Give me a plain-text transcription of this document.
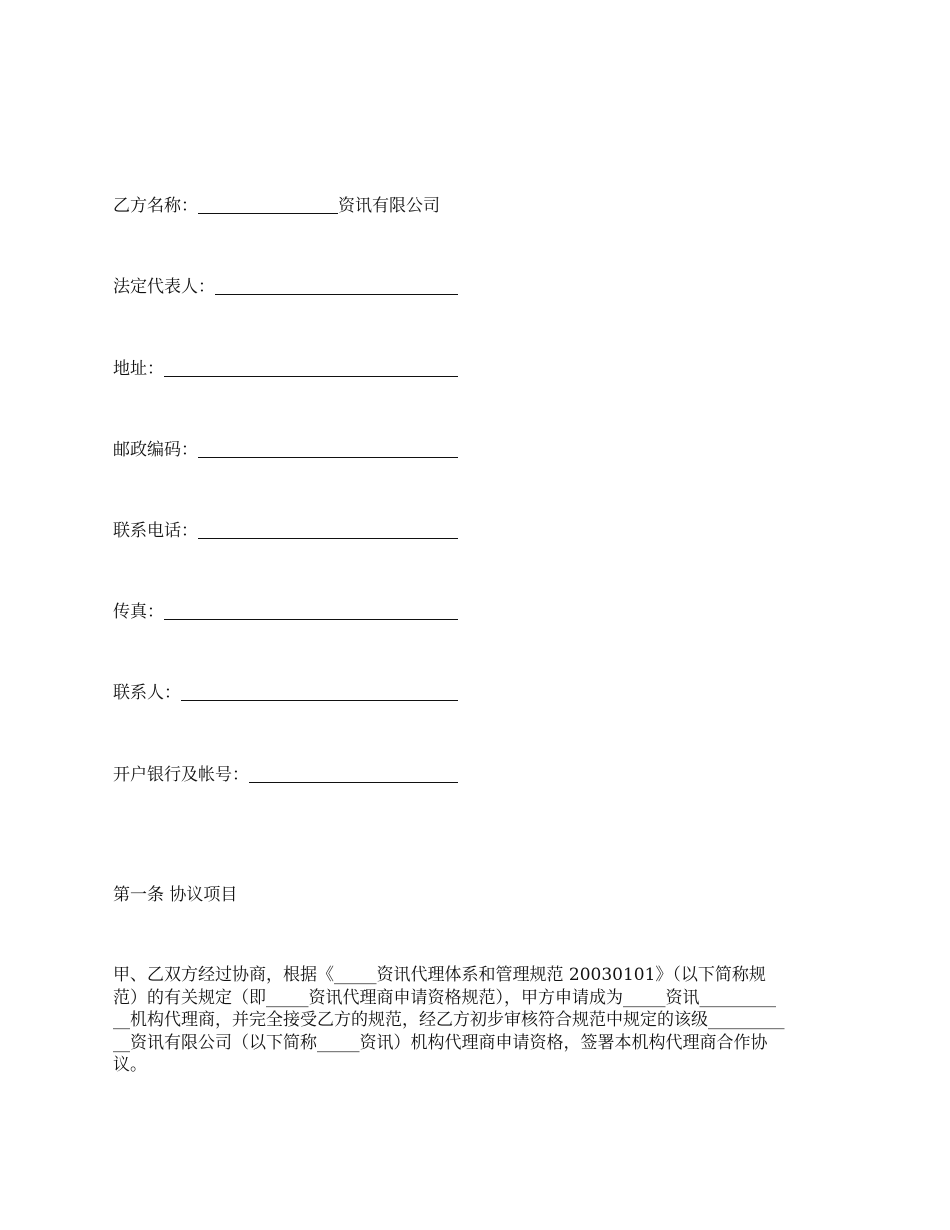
乙方名称：	资讯有限公司
法定代表人：
地址：
邮政编码：
联系电话：
传真：
联系人：
开户银行及帐号：
第一条 协议项目

甲、乙双方经过协商，根据《_____资讯代理体系和管理规范 20030101》（以下简称规
范）的有关规定（即_____资讯代理商申请资格规范），甲方申请成为_____资讯_________
__机构代理商，并完全接受乙方的规范，经乙方初步审核符合规范中规定的该级_________
__资讯有限公司（以下简称_____资讯）机构代理商申请资格，签署本机构代理商合作协
议。
